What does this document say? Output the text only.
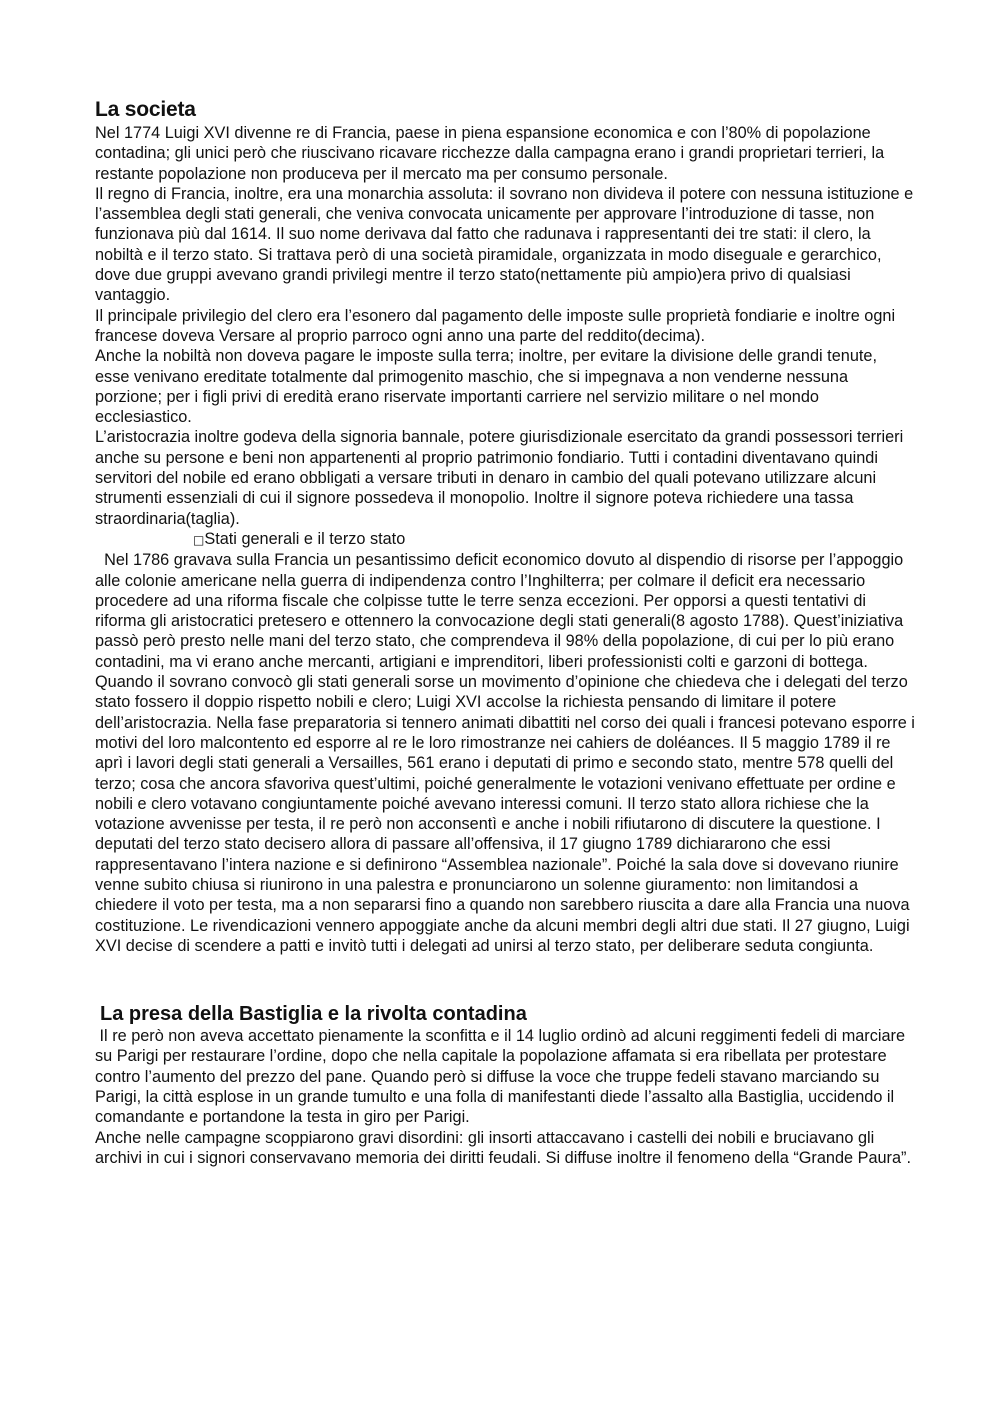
La societa

Nel 1774 Luigi XVI divenne re di Francia, paese in piena espansione economica e con l’80% di popolazione contadina; gli unici però che riuscivano ricavare ricchezze dalla campagna erano i grandi proprietari terrieri, la restante popolazione non produceva per il mercato ma per consumo personale.

Il regno di Francia, inoltre, era una monarchia assoluta: il sovrano non divideva il potere con nessuna istituzione e l’assemblea degli stati generali, che veniva convocata unicamente per approvare l’introduzione di tasse, non funzionava più dal 1614. Il suo nome derivava dal fatto che radunava i rappresentanti dei tre stati: il clero, la nobiltà e il terzo stato. Si trattava però di una società piramidale, organizzata in modo diseguale e gerarchico, dove due gruppi avevano grandi privilegi mentre il terzo stato(nettamente più ampio)era privo di qualsiasi vantaggio.

Il principale privilegio del clero era l’esonero dal pagamento delle imposte sulle proprietà fondiarie e inoltre ogni francese doveva Versare al proprio parroco ogni anno una parte del reddito(decima).

Anche la nobiltà non doveva pagare le imposte sulla terra; inoltre, per evitare la divisione delle grandi tenute, esse venivano ereditate totalmente dal primogenito maschio, che si impegnava a non venderne nessuna porzione; per i figli privi di eredità erano riservate importanti carriere nel servizio militare o nel mondo ecclesiastico.

L’aristocrazia inoltre godeva della signoria bannale, potere giurisdizionale esercitato da grandi possessori terrieri anche su persone e beni non appartenenti al proprio patrimonio fondiario. Tutti i contadini diventavano quindi servitori del nobile ed erano obbligati a versare tributi in denaro in cambio del quali potevano utilizzare alcuni strumenti essenziali di cui il signore possedeva il monopolio. Inoltre il signore poteva richiedere una tassa straordinaria(taglia).

□Stati generali e il terzo stato

Nel 1786 gravava sulla Francia un pesantissimo deficit economico dovuto al dispendio di risorse per l’appoggio alle colonie americane nella guerra di indipendenza contro l’Inghilterra; per colmare il deficit era necessario procedere ad una riforma fiscale che colpisse tutte le terre senza eccezioni. Per opporsi a questi tentativi di riforma gli aristocratici pretesero e ottennero la convocazione degli stati generali(8 agosto 1788). Quest’iniziativa passò però presto nelle mani del terzo stato, che comprendeva il 98% della popolazione, di cui per lo più erano contadini, ma vi erano anche mercanti, artigiani e imprenditori, liberi professionisti colti e garzoni di bottega.

Quando il sovrano convocò gli stati generali sorse un movimento d’opinione che chiedeva che i delegati del terzo stato fossero il doppio rispetto nobili e clero; Luigi XVI accolse la richiesta pensando di limitare il potere dell’aristocrazia. Nella fase preparatoria si tennero animati dibattiti nel corso dei quali i francesi potevano esporre i motivi del loro malcontento ed esporre al re le loro rimostranze nei cahiers de doléances. Il 5 maggio 1789 il re aprì i lavori degli stati generali a Versailles, 561 erano i deputati di primo e secondo stato, mentre 578 quelli del terzo; cosa che ancora sfavoriva quest’ultimi, poiché generalmente le votazioni venivano effettuate per ordine e nobili e clero votavano congiuntamente poiché avevano interessi comuni. Il terzo stato allora richiese che la votazione avvenisse per testa, il re però non acconsentì e anche i nobili rifiutarono di discutere la questione. I deputati del terzo stato decisero allora di passare all’offensiva, il 17 giugno 1789 dichiararono che essi rappresentavano l’intera nazione e si definirono “Assemblea nazionale”. Poiché la sala dove si dovevano riunire venne subito chiusa si riunirono in una palestra e pronunciarono un solenne giuramento: non limitandosi a chiedere il voto per testa, ma a non separarsi fino a quando non sarebbero riuscita a dare alla Francia una nuova costituzione. Le rivendicazioni vennero appoggiate anche da alcuni membri degli altri due stati. Il 27 giugno, Luigi XVI decise di scendere a patti e invitò tutti i delegati ad unirsi al terzo stato, per deliberare seduta congiunta.

La presa della Bastiglia e la rivolta contadina

Il re però non aveva accettato pienamente la sconfitta e il 14 luglio ordinò ad alcuni reggimenti fedeli di marciare su Parigi per restaurare l’ordine, dopo che nella capitale la popolazione affamata si era ribellata per protestare contro l’aumento del prezzo del pane. Quando però si diffuse la voce che truppe fedeli stavano marciando su Parigi, la città esplose in un grande tumulto e una folla di manifestanti diede l’assalto alla Bastiglia, uccidendo il comandante e portandone la testa in giro per Parigi.

Anche nelle campagne scoppiarono gravi disordini: gli insorti attaccavano i castelli dei nobili e bruciavano gli archivi in cui i signori conservavano memoria dei diritti feudali. Si diffuse inoltre il fenomeno della “Grande Paura”.
